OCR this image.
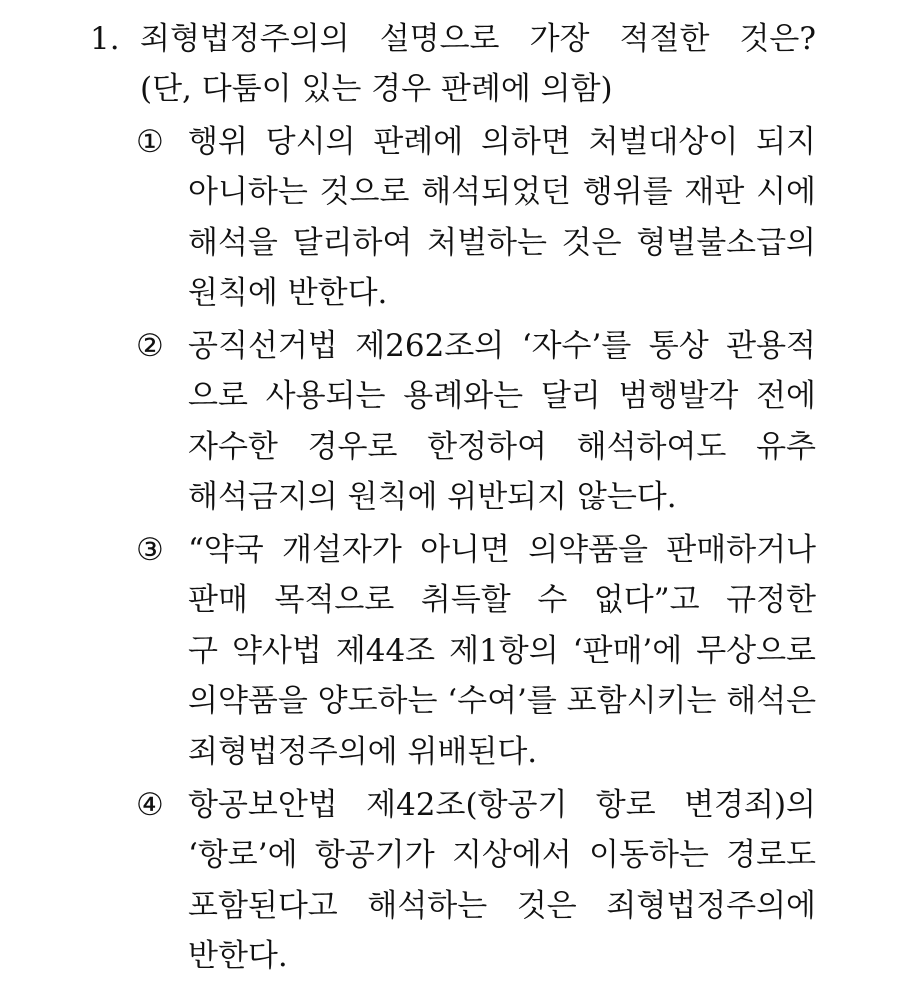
1. 죄형법정주의의 설명으로 가장 적절한 것은?
(단, 다툼이 있는 경우 판례에 의함)
① 행위 당시의 판례에 의하면 처벌대상이 되지
아니하는 것으로 해석되었던 행위를 재판 시에
해석을 달리하여 처벌하는 것은 형벌불소급의
원칙에 반한다.
② 공직선거법 제262조의 ‘자수’를 통상 관용적
으로 사용되는 용례와는 달리 범행발각 전에
자수한 경우로 한정하여 해석하여도 유추
해석금지의 원칙에 위반되지 않는다.
③ “약국 개설자가 아니면 의약품을 판매하거나
판매 목적으로 취득할 수 없다”고 규정한
구 약사법 제44조 제1항의 ‘판매’에 무상으로
의약품을 양도하는 ‘수여’를 포함시키는 해석은
죄형법정주의에 위배된다.
④ 항공보안법 제42조(항공기 항로 변경죄)의
‘항로’에 항공기가 지상에서 이동하는 경로도
포함된다고 해석하는 것은 죄형법정주의에
반한다.
